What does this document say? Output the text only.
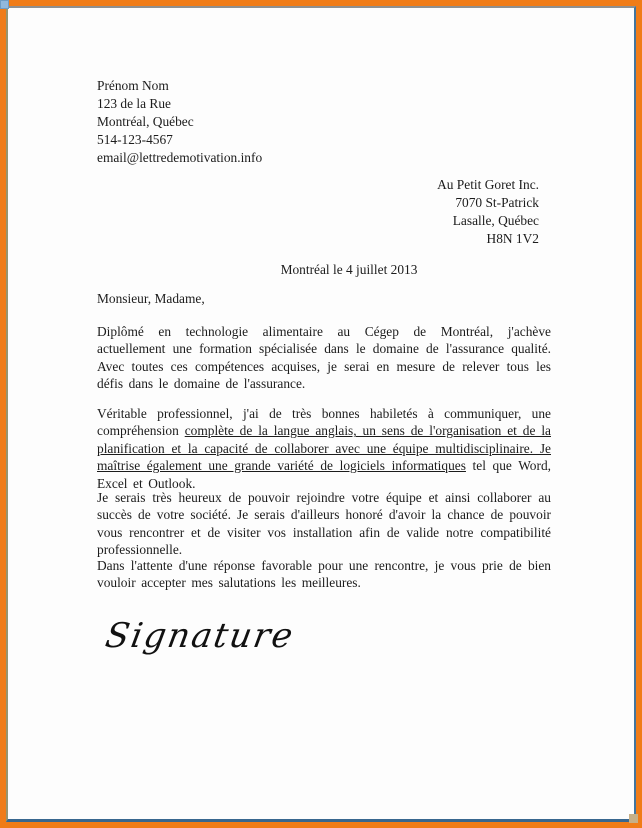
Prénom Nom
123 de la Rue
Montréal, Québec
514-123-4567
email@lettredemotivation.info
Au Petit Goret Inc.
7070 St-Patrick
Lasalle, Québec
H8N 1V2
Montréal le 4 juillet 2013
Monsieur, Madame,

Diplômé en technologie alimentaire au Cégep de Montréal, j'achève actuellement une formation spécialisée dans le domaine de l'assurance qualité. Avec toutes ces compétences acquises, je serai en mesure de relever tous les défis dans le domaine de l'assurance.

Véritable professionnel, j'ai de très bonnes habiletés à communiquer, une compréhension complète de la langue anglais, un sens de l'organisation et de la planification et la capacité de collaborer avec une équipe multidisciplinaire. Je maîtrise également une grande variété de logiciels informatiques tel que Word, Excel et Outlook.

Je serais très heureux de pouvoir rejoindre votre équipe et ainsi collaborer au succès de votre société. Je serais d'ailleurs honoré d'avoir la chance de pouvoir vous rencontrer et de visiter vos installation afin de valide notre compatibilité professionnelle.

Dans l'attente d'une réponse favorable pour une rencontre, je vous prie de bien vouloir accepter mes salutations les meilleures.

Signature
